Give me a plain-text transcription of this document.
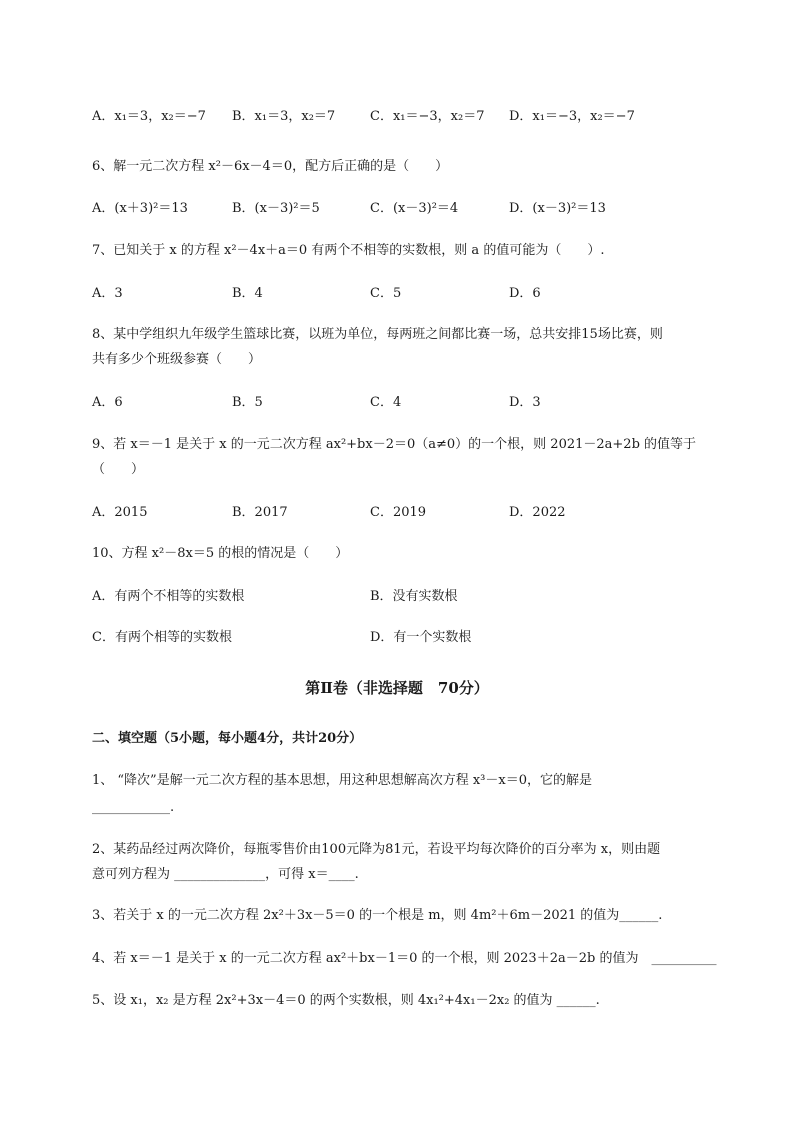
A．x₁＝3，x₂＝−7 B．x₁＝3，x₂＝7	C．x₁＝−3，x₂＝7 D．x₁＝−3，x₂＝−7
6、解一元二次方程 x²－6x－4＝0，配方后正确的是（　　）
A．(x＋3)²＝13	B．(x－3)²＝5	C．(x－3)²＝4	D．(x－3)²＝13
7、已知关于 x 的方程 x²－4x＋a＝0 有两个不相等的实数根，则 a 的值可能为（　　）.
A．3	B．4	C．5	D．6
8、某中学组织九年级学生篮球比赛，以班为单位，每两班之间都比赛一场，总共安排15场比赛，则
共有多少个班级参赛（　　）
A．6	B．5	C．4	D．3
9、若 x＝－1 是关于 x 的一元二次方程 ax²+bx－2＝0（a≠0）的一个根，则 2021－2a+2b 的值等于
（　　）
A．2015	B．2017	C．2019	D．2022
10、方程 x²－8x＝5 的根的情况是（　　）
A．有两个不相等的实数根	B．没有实数根
C．有两个相等的实数根	D．有一个实数根
第Ⅱ卷（非选择题　70分）
二、填空题（5小题，每小题4分，共计20分）
1、 “降次”是解一元二次方程的基本思想，用这种思想解高次方程 x³－x＝0，它的解是
____________.
2、某药品经过两次降价，每瓶零售价由100元降为81元，若设平均每次降价的百分率为 x，则由题
意可列方程为 ______________，可得 x＝____.
3、若关于 x 的一元二次方程 2x²＋3x－5＝0 的一个根是 m，则 4m²＋6m－2021 的值为______.
4、若 x＝－1 是关于 x 的一元二次方程 ax²＋bx－1＝0 的一个根，则 2023＋2a－2b 的值为　__________
5、设 x₁，x₂ 是方程 2x²+3x－4＝0 的两个实数根，则 4x₁²+4x₁－2x₂ 的值为 ______.
